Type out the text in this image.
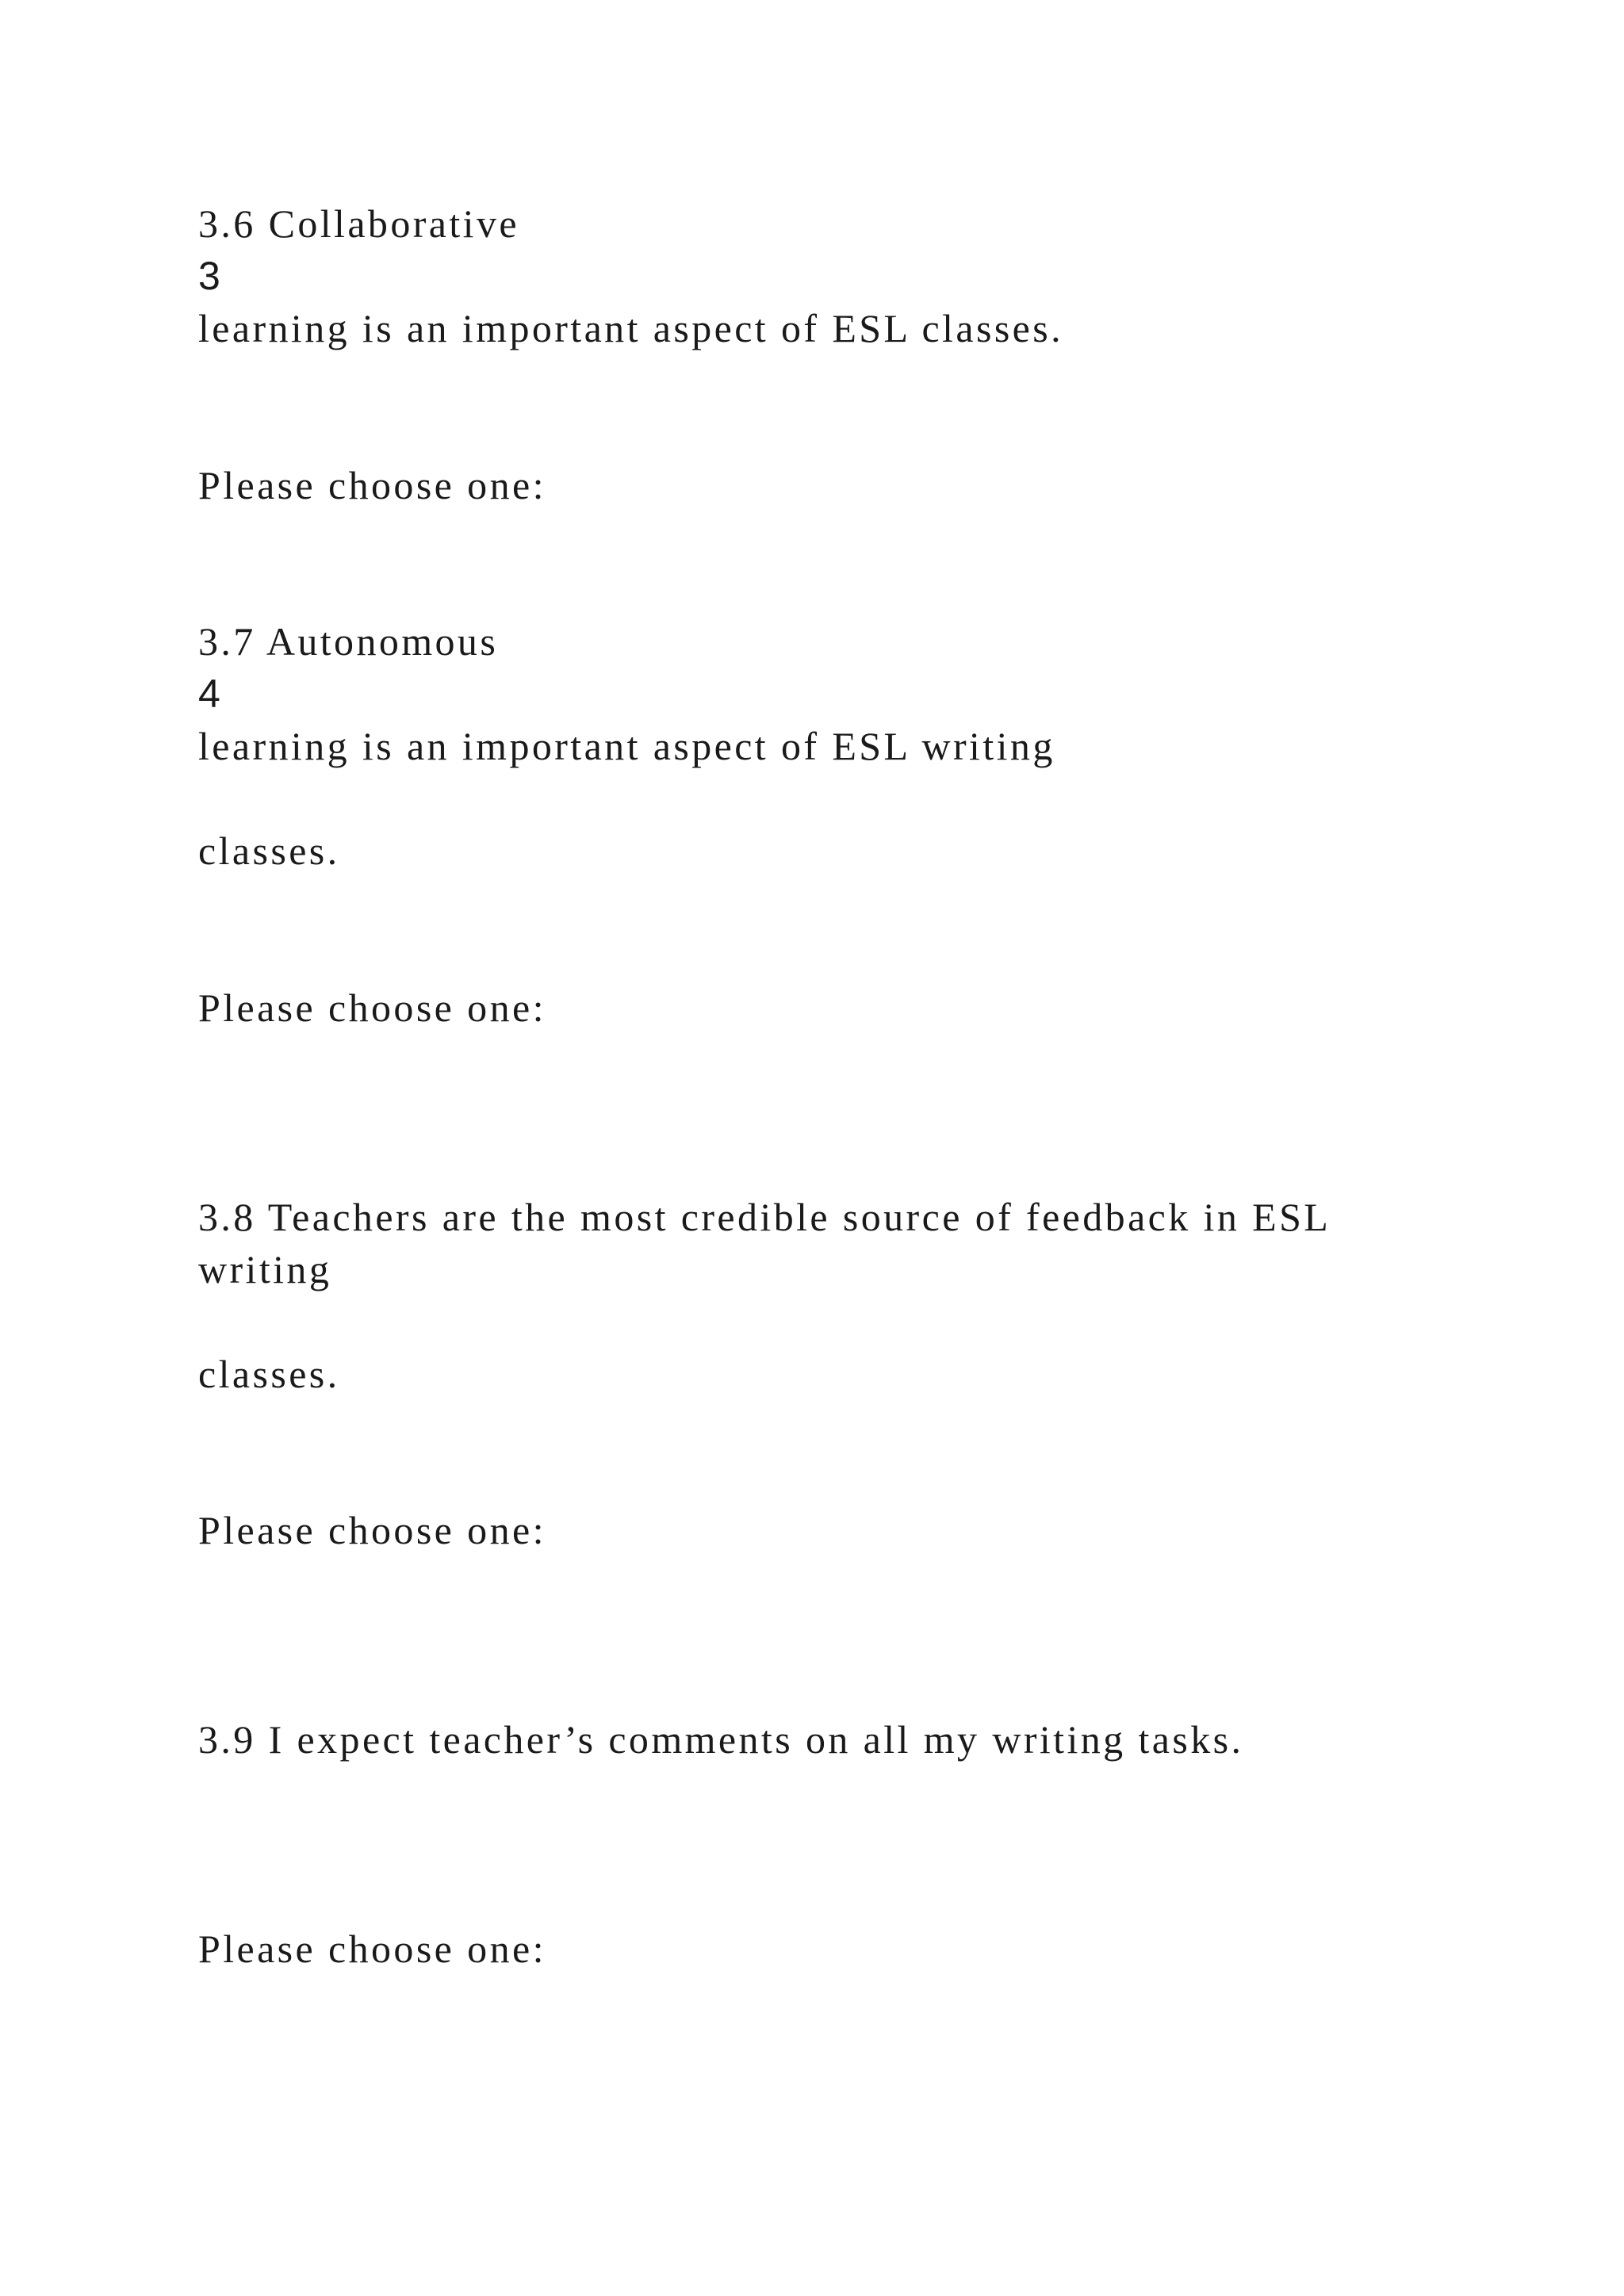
3.6 Collaborative
3
learning is an important aspect of ESL classes.
Please choose one:
3.7 Autonomous
4
learning is an important aspect of ESL writing
classes.
Please choose one:
3.8 Teachers are the most credible source of feedback in ESL
writing
classes.
Please choose one:
3.9 I expect teacher’s comments on all my writing tasks.
Please choose one:
